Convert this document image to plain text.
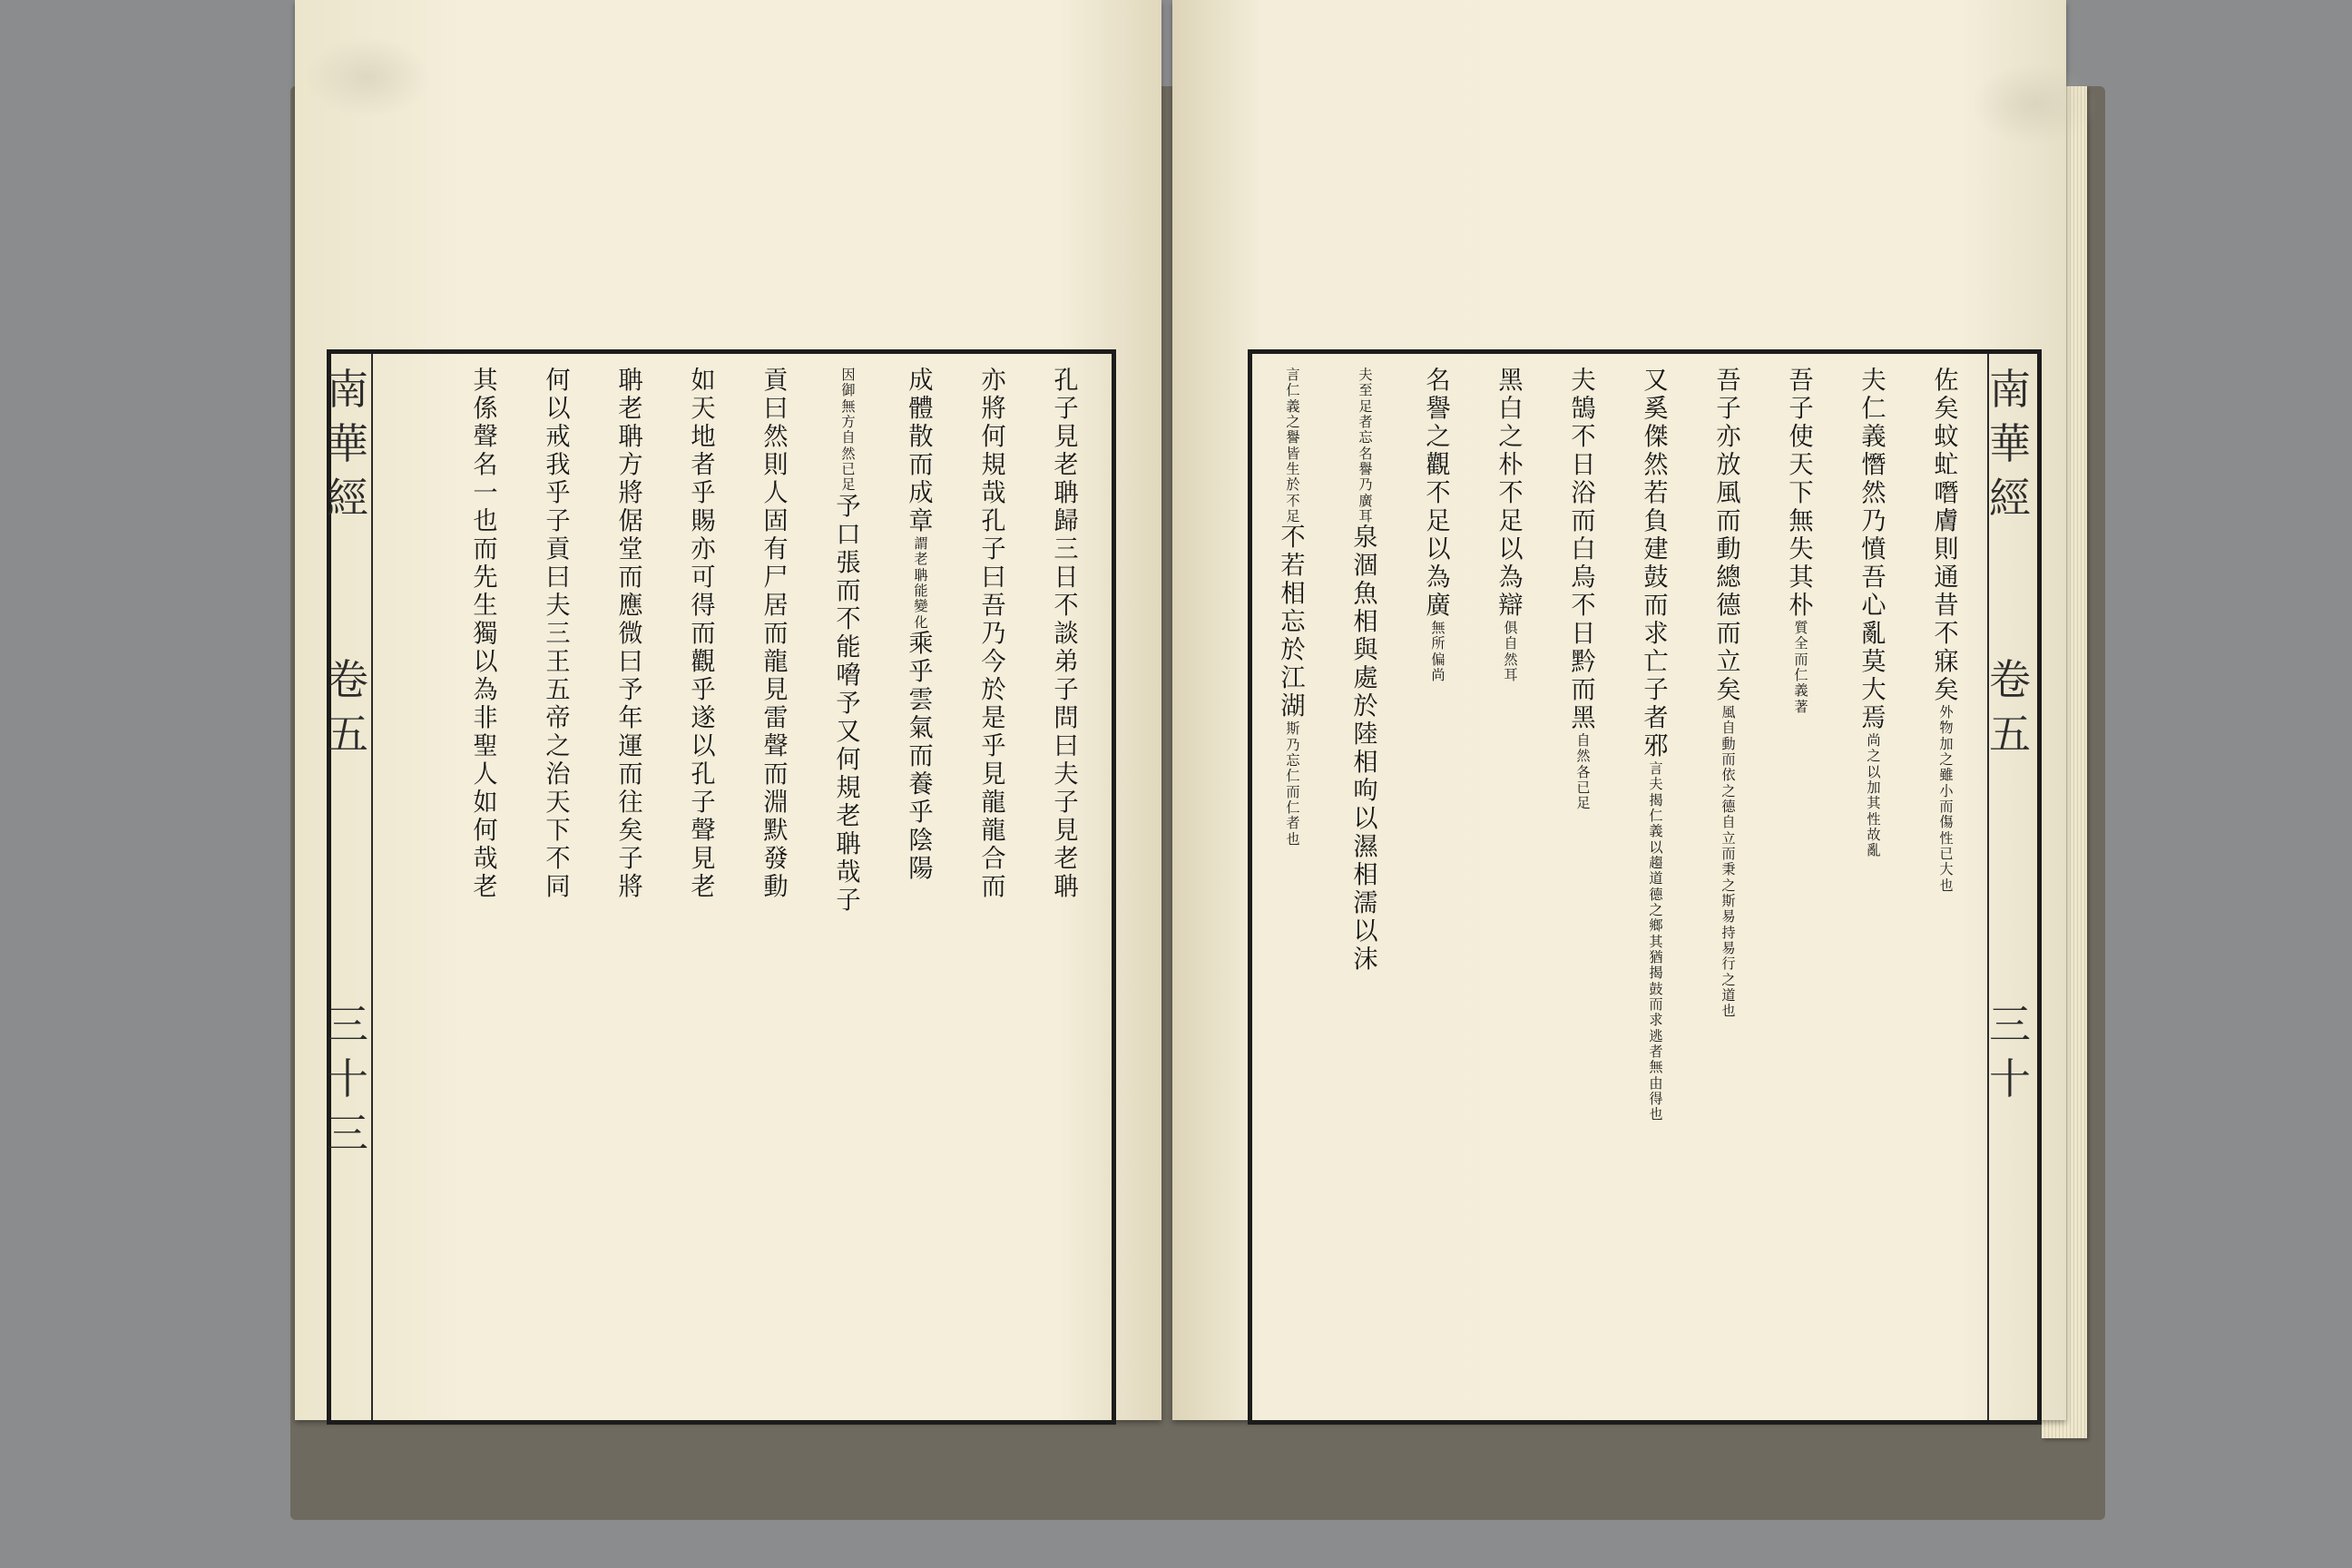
孔
子
見
老
聃
歸
三
日
不
談
弟
子
問
曰
夫
子
見
老
聃
亦
將
何
規
哉
孔
子
曰
吾
乃
今
於
是
乎
見
龍
龍
合
而
成
體
散
而
成
章
謂
老
聃
能
變
化
乘
乎
雲
氣
而
養
乎
陰
陽
因
御
無
方
自
然
已
足
予
口
張
而
不
能
嗋
予
又
何
規
老
聃
哉
子
貢
曰
然
則
人
固
有
尸
居
而
龍
見
雷
聲
而
淵
默
發
動
如
天
地
者
乎
賜
亦
可
得
而
觀
乎
遂
以
孔
子
聲
見
老
聃
老
聃
方
將
倨
堂
而
應
微
曰
予
年
運
而
往
矣
子
將
何
以
戒
我
乎
子
貢
曰
夫
三
王
五
帝
之
治
天
下
不
同
其
係
聲
名
一
也
而
先
生
獨
以
為
非
聖
人
如
何
哉
老
南
華
經
卷
五
三
十
三
南
華
經
卷
五
三
十
佐
矣
蚊
虻
噆
膚
則
通
昔
不
寐
矣
外
物
加
之
雖
小
而
傷
性
已
大
也
夫
仁
義
憯
然
乃
憤
吾
心
亂
莫
大
焉
尚
之
以
加
其
性
故
亂
吾
子
使
天
下
無
失
其
朴
質
全
而
仁
義
著
吾
子
亦
放
風
而
動
總
德
而
立
矣
風
自
動
而
依
之
德
自
立
而
秉
之
斯
易
持
易
行
之
道
也
又
奚
傑
然
若
負
建
鼓
而
求
亡
子
者
邪
言
夫
揭
仁
義
以
趨
道
德
之
鄉
其
猶
揭
鼓
而
求
逃
者
無
由
得
也
夫
鵠
不
日
浴
而
白
烏
不
日
黔
而
黑
自
然
各
已
足
黑
白
之
朴
不
足
以
為
辯
俱
自
然
耳
名
譽
之
觀
不
足
以
為
廣
無
所
偏
尚
夫
至
足
者
忘
名
譽
乃
廣
耳
泉
涸
魚
相
與
處
於
陸
相
呴
以
濕
相
濡
以
沫
言
仁
義
之
譽
皆
生
於
不
足
不
若
相
忘
於
江
湖
斯
乃
忘
仁
而
仁
者
也
